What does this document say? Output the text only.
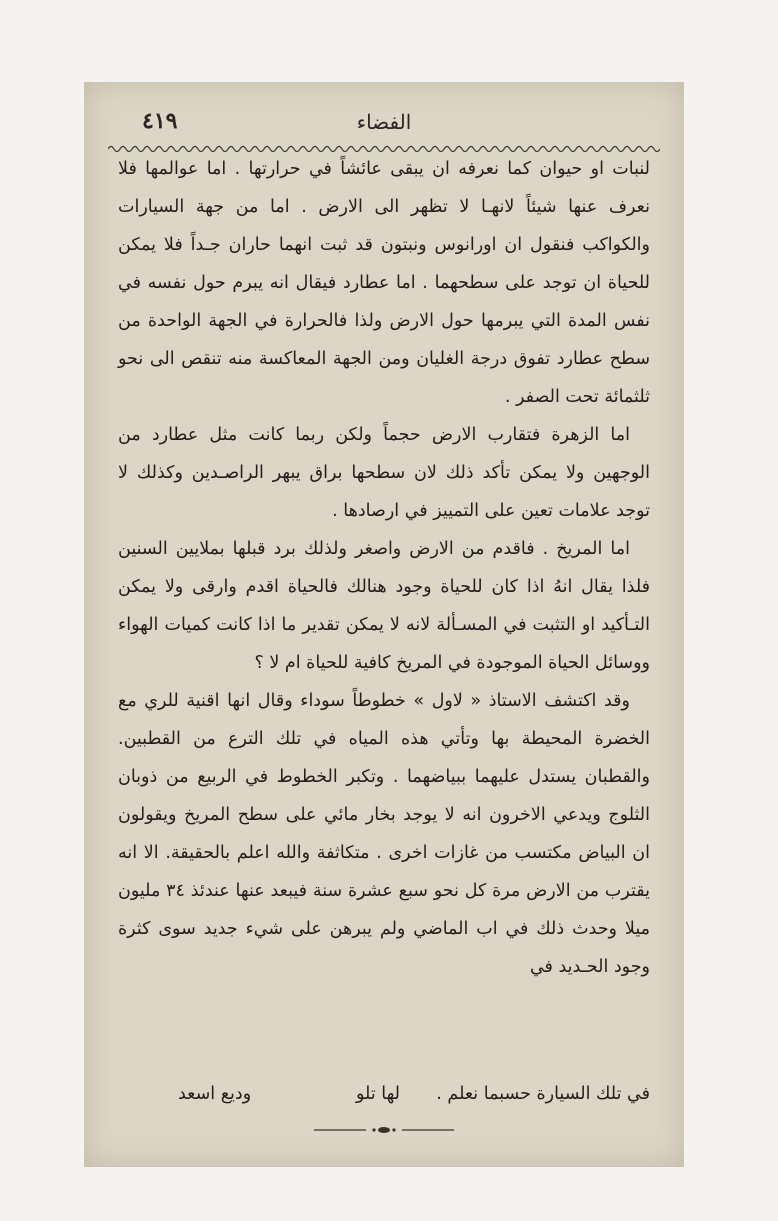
٤١٩	الفضاء

لنبات او حيوان كما نعرفه ان يبقى عائشاً في حرارتها . اما عوالمها فلا نعرف عنها شيئاً لانهـا لا تظهر الى الارض . اما من جهة السيارات والكواكب فنقول ان اورانوس ونبتون قد ثبت انهما حاران جـداً فلا يمكن للحياة ان توجد على سطحهما . اما عطارد فيقال انه يبرم حول نفسه في نفس المدة التي يبرمها حول الارض ولذا فالحرارة في الجهة الواحدة من سطح عطارد تفوق درجة الغليان ومن الجهة المعاكسة منه تنقص الى نحو ثلثمائة تحت الصفر .

اما الزهرة فتقارب الارض حجماً ولكن ربما كانت مثل عطارد من الوجهين ولا يمكن تأكد ذلك لان سطحها براق يبهر الراصـدين وكذلك لا توجد علامات تعين على التمييز في ارصادها .

اما المريخ . فاقدم من الارض واصغر ولذلك برد قبلها بملايين السنين فلذا يقال انهُ اذا كان للحياة وجود هنالك فالحياة اقدم وارقى ولا يمكن التـأكيد او التثبت في المسـألة لانه لا يمكن تقدير ما اذا كانت كميات الهواء ووسائل الحياة الموجودة في المريخ كافية للحياة ام لا ؟

وقد اكتشف الاستاذ « لاول » خطوطاً سوداء وقال انها اقنية للري مع الخضرة المحيطة بها وتأتي هذه المياه في تلك الترع من القطبين. والقطبان يستدل عليهما ببياضهما . وتكبر الخطوط في الربيع من ذوبان الثلوج ويدعي الاخرون انه لا يوجد بخار مائي على سطح المريخ ويقولون ان البياض مكتسب من غازات اخرى . متكاثفة والله اعلم بالحقيقة. الا انه يقترب من الارض مرة كل نحو سبع عشرة سنة فيبعد عنها عندئذ ٣٤ مليون ميلا وحدث ذلك في اب الماضي ولم يبرهن على شيء جديد سوى كثرة وجود الحـديد في

في تلك السيارة حسبما نعلم .
لها تلو
وديع اسعد
